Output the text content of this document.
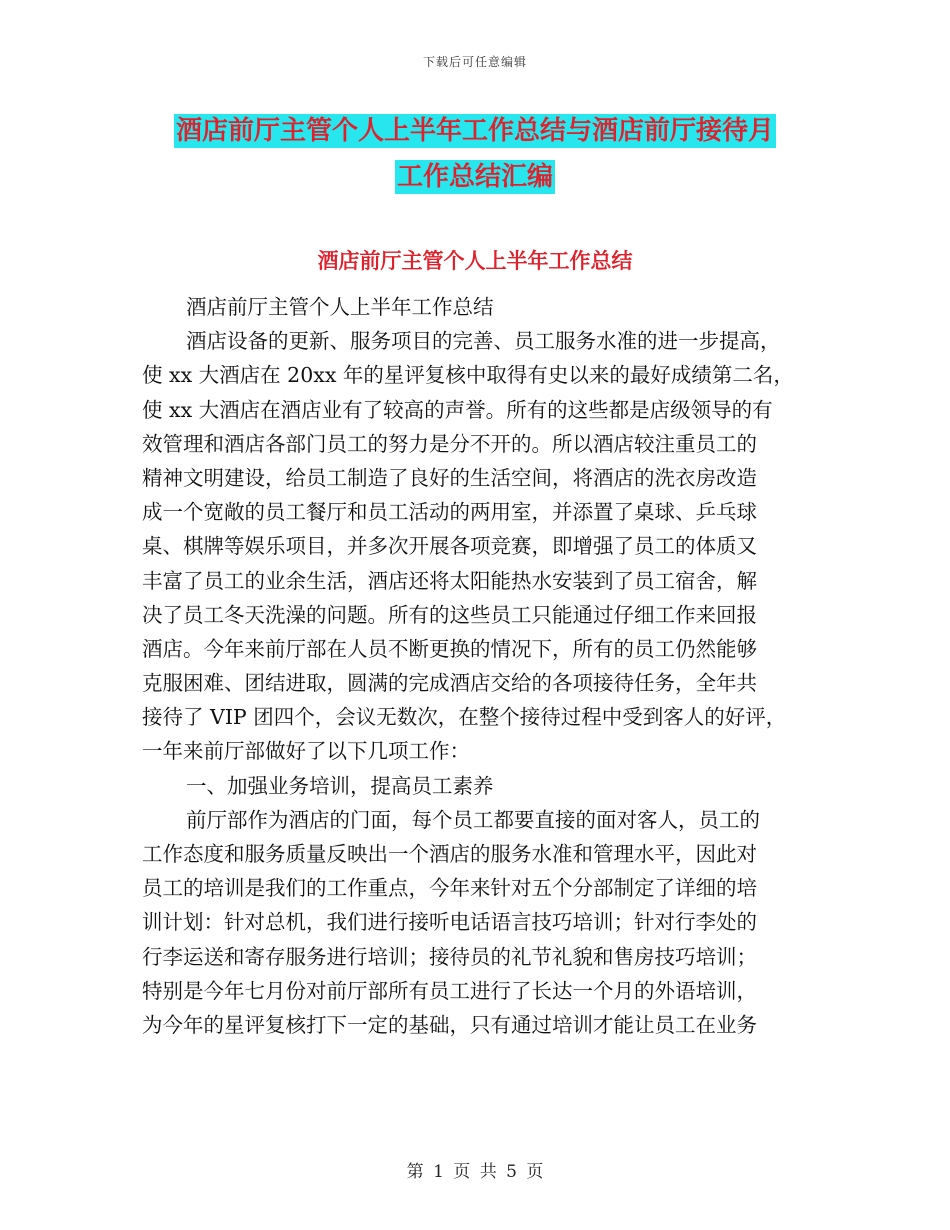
下载后可任意编辑
酒店前厅主管个人上半年工作总结与酒店前厅接待月
工作总结汇编
酒店前厅主管个人上半年工作总结
酒店前厅主管个人上半年工作总结
酒店设备的更新、服务项目的完善、员工服务水准的进一步提高，
使 xx 大酒店在 20xx 年的星评复核中取得有史以来的最好成绩第二名，
使 xx 大酒店在酒店业有了较高的声誉。所有的这些都是店级领导的有
效管理和酒店各部门员工的努力是分不开的。所以酒店较注重员工的
精神文明建设，给员工制造了良好的生活空间，将酒店的洗衣房改造
成一个宽敞的员工餐厅和员工活动的两用室，并添置了桌球、乒乓球
桌、棋牌等娱乐项目，并多次开展各项竞赛，即增强了员工的体质又
丰富了员工的业余生活，酒店还将太阳能热水安装到了员工宿舍，解
决了员工冬天洗澡的问题。所有的这些员工只能通过仔细工作来回报
酒店。今年来前厅部在人员不断更换的情况下，所有的员工仍然能够
克服困难、团结进取，圆满的完成酒店交给的各项接待任务，全年共
接待了 VIP 团四个，会议无数次，在整个接待过程中受到客人的好评，
一年来前厅部做好了以下几项工作：
一、加强业务培训，提高员工素养
前厅部作为酒店的门面，每个员工都要直接的面对客人，员工的
工作态度和服务质量反映出一个酒店的服务水准和管理水平，因此对
员工的培训是我们的工作重点，今年来针对五个分部制定了详细的培
训计划：针对总机，我们进行接听电话语言技巧培训；针对行李处的
行李运送和寄存服务进行培训；接待员的礼节礼貌和售房技巧培训；
特别是今年七月份对前厅部所有员工进行了长达一个月的外语培训，
为今年的星评复核打下一定的基础，只有通过培训才能让员工在业务
第 1 页 共 5 页
